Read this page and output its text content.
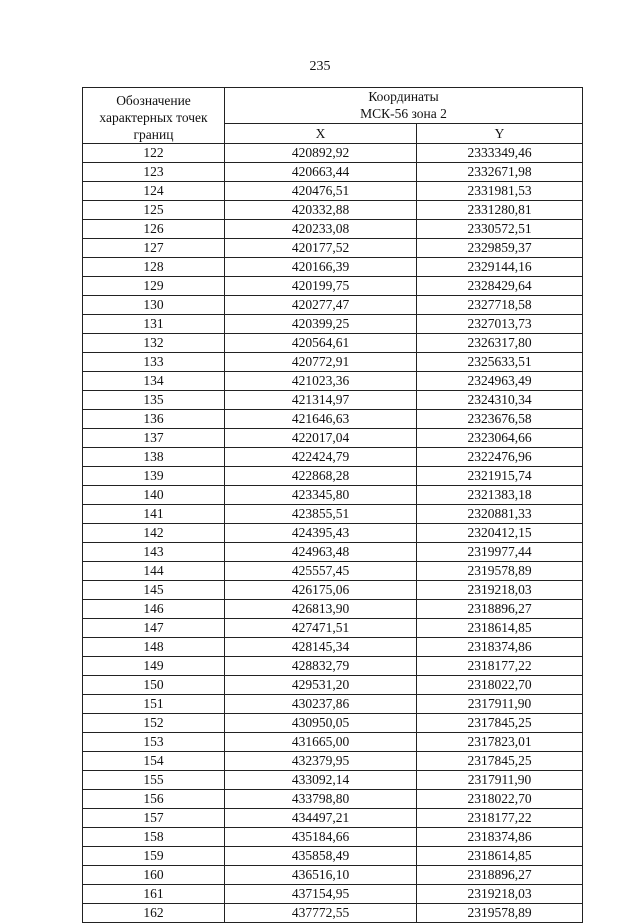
235
Обозначение
характерных точек
границ	Координаты
МСК-56 зона 2	

	X	Y
122	420892,92	2333349,46
123	420663,44	2332671,98
124	420476,51	2331981,53
125	420332,88	2331280,81
126	420233,08	2330572,51
127	420177,52	2329859,37
128	420166,39	2329144,16
129	420199,75	2328429,64
130	420277,47	2327718,58
131	420399,25	2327013,73
132	420564,61	2326317,80
133	420772,91	2325633,51
134	421023,36	2324963,49
135	421314,97	2324310,34
136	421646,63	2323676,58
137	422017,04	2323064,66
138	422424,79	2322476,96
139	422868,28	2321915,74
140	423345,80	2321383,18
141	423855,51	2320881,33
142	424395,43	2320412,15
143	424963,48	2319977,44
144	425557,45	2319578,89
145	426175,06	2319218,03
146	426813,90	2318896,27
147	427471,51	2318614,85
148	428145,34	2318374,86
149	428832,79	2318177,22
150	429531,20	2318022,70
151	430237,86	2317911,90
152	430950,05	2317845,25
153	431665,00	2317823,01
154	432379,95	2317845,25
155	433092,14	2317911,90
156	433798,80	2318022,70
157	434497,21	2318177,22
158	435184,66	2318374,86
159	435858,49	2318614,85
160	436516,10	2318896,27
161	437154,95	2319218,03
162	437772,55	2319578,89
